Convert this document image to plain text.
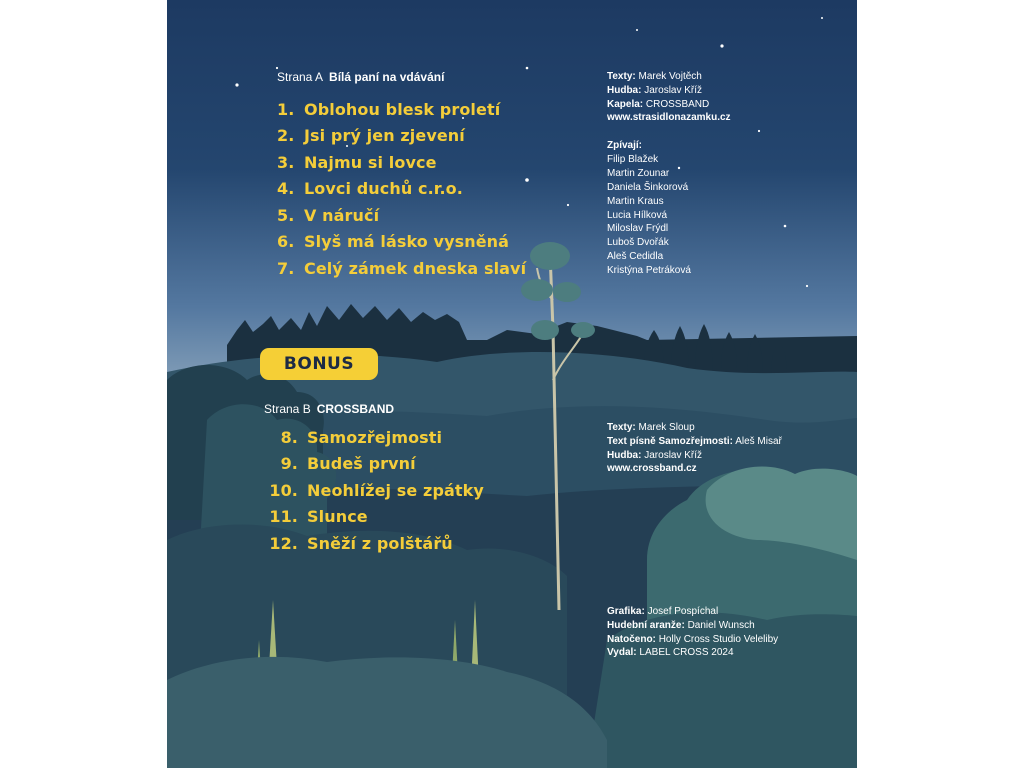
Strana A Bílá paní na vdávání
1. Oblohou blesk proletí
2. Jsi prý jen zjevení
3. Najmu si lovce
4. Lovci duchů c.r.o.
5. V náručí
6. Slyš má lásko vysněná
7. Celý zámek dneska slaví
Texty: Marek Vojtěch
Hudba: Jaroslav Kříž
Kapela: CROSSBAND
www.strasidlonazamku.cz
Zpívají:
Filip Blažek
Martin Zounar
Daniela Šinkorová
Martin Kraus
Lucia Hílková
Miloslav Frýdl
Luboš Dvořák
Aleš Cedidla
Kristýna Petráková
BONUS
Strana B CROSSBAND
8. Samozřejmosti
9. Budeš první
10. Neohlížej se zpátky
11. Slunce
12. Sněží z polštářů
Texty: Marek Sloup
Text písně Samozřejmosti: Aleš Misař
Hudba: Jaroslav Kříž
www.crossband.cz
Grafika: Josef Pospíchal
Hudební aranže: Daniel Wunsch
Natočeno: Holly Cross Studio Veleliby
Vydal: LABEL CROSS 2024
